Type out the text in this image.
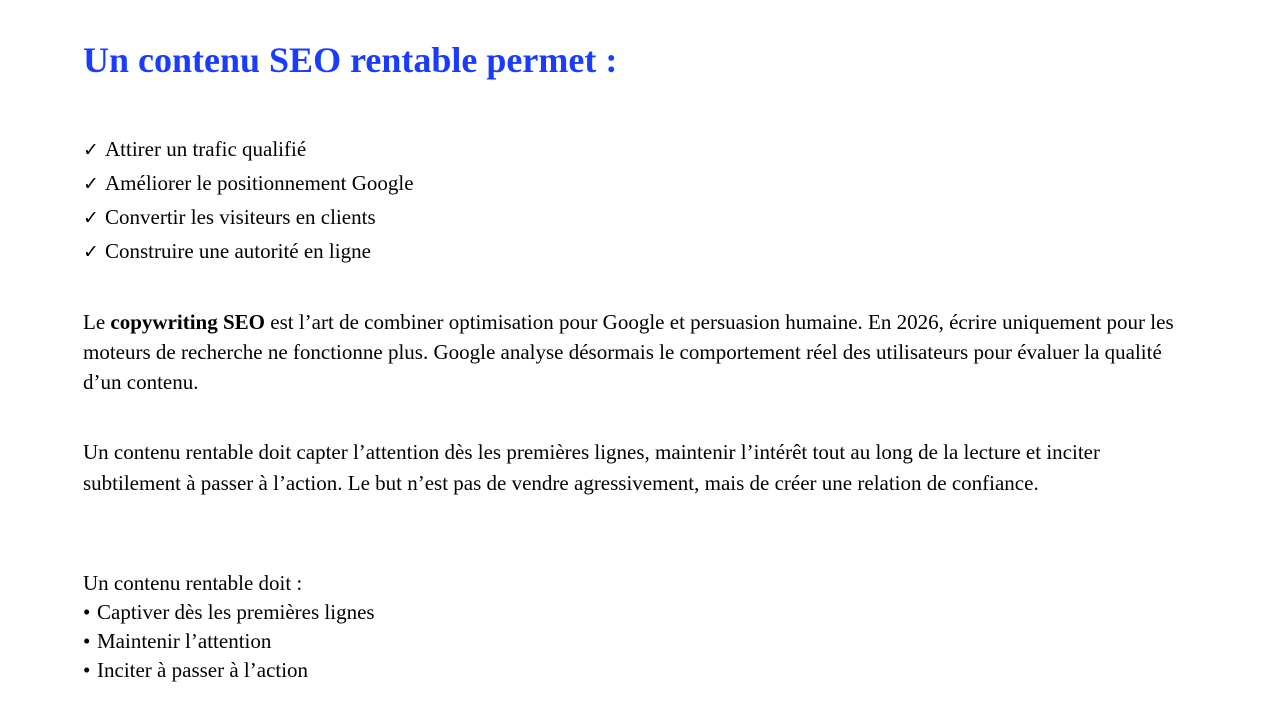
Un contenu SEO rentable permet :
✓ Attirer un trafic qualifié
✓ Améliorer le positionnement Google
✓ Convertir les visiteurs en clients
✓ Construire une autorité en ligne

Le copywriting SEO est l’art de combiner optimisation pour Google et persuasion humaine. En 2026, écrire uniquement pour les moteurs de recherche ne fonctionne plus. Google analyse désormais le comportement réel des utilisateurs pour évaluer la qualité d’un contenu.

Un contenu rentable doit capter l’attention dès les premières lignes, maintenir l’intérêt tout au long de la lecture et inciter subtilement à passer à l’action. Le but n’est pas de vendre agressivement, mais de créer une relation de confiance.

Un contenu rentable doit :
• Captiver dès les premières lignes
• Maintenir l’attention
• Inciter à passer à l’action
